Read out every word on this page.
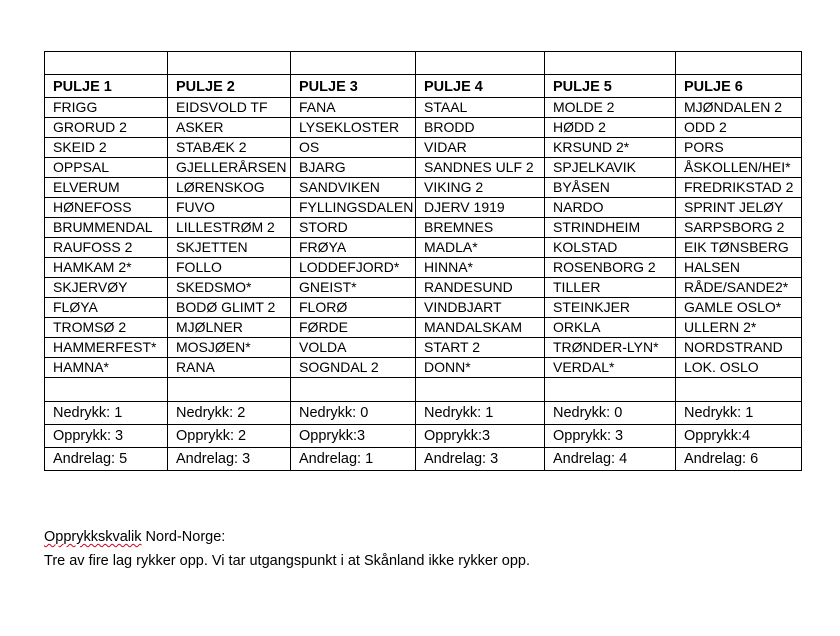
PULJE 1	PULJE 2	PULJE 3	PULJE 4	PULJE 5	PULJE 6
FRIGG	EIDSVOLD TF	FANA	STAAL	MOLDE 2	MJØNDALEN 2
GRORUD 2	ASKER	LYSEKLOSTER	BRODD	HØDD 2	ODD 2
SKEID 2	STABÆK 2	OS	VIDAR	KRSUND 2*	PORS
OPPSAL	GJELLERÅRSEN	BJARG	SANDNES ULF 2	SPJELKAVIK	ÅSKOLLEN/HEI*
ELVERUM	LØRENSKOG	SANDVIKEN	VIKING 2	BYÅSEN	FREDRIKSTAD 2
HØNEFOSS	FUVO	FYLLINGSDALEN	DJERV 1919	NARDO	SPRINT JELØY
BRUMMENDAL	LILLESTRØM 2	STORD	BREMNES	STRINDHEIM	SARPSBORG 2
RAUFOSS 2	SKJETTEN	FRØYA	MADLA*	KOLSTAD	EIK TØNSBERG
HAMKAM 2*	FOLLO	LODDEFJORD*	HINNA*	ROSENBORG 2	HALSEN
SKJERVØY	SKEDSMO*	GNEIST*	RANDESUND	TILLER	RÅDE/SANDE2*
FLØYA	BODØ GLIMT 2	FLORØ	VINDBJART	STEINKJER	GAMLE OSLO*
TROMSØ 2	MJØLNER	FØRDE	MANDALSKAM	ORKLA	ULLERN 2*
HAMMERFEST*	MOSJØEN*	VOLDA	START 2	TRØNDER-LYN*	NORDSTRAND
HAMNA*	RANA	SOGNDAL 2	DONN*	VERDAL*	LOK. OSLO

Nedrykk: 1	Nedrykk: 2	Nedrykk: 0	Nedrykk: 1	Nedrykk: 0	Nedrykk: 1
Opprykk: 3	Opprykk: 2	Opprykk:3	Opprykk:3	Opprykk: 3	Opprykk:4
Andrelag: 5	Andrelag: 3	Andrelag: 1	Andrelag: 3	Andrelag: 4	Andrelag: 6
Opprykkskvalik Nord-Norge:
Tre av fire lag rykker opp. Vi tar utgangspunkt i at Skånland ikke rykker opp.
